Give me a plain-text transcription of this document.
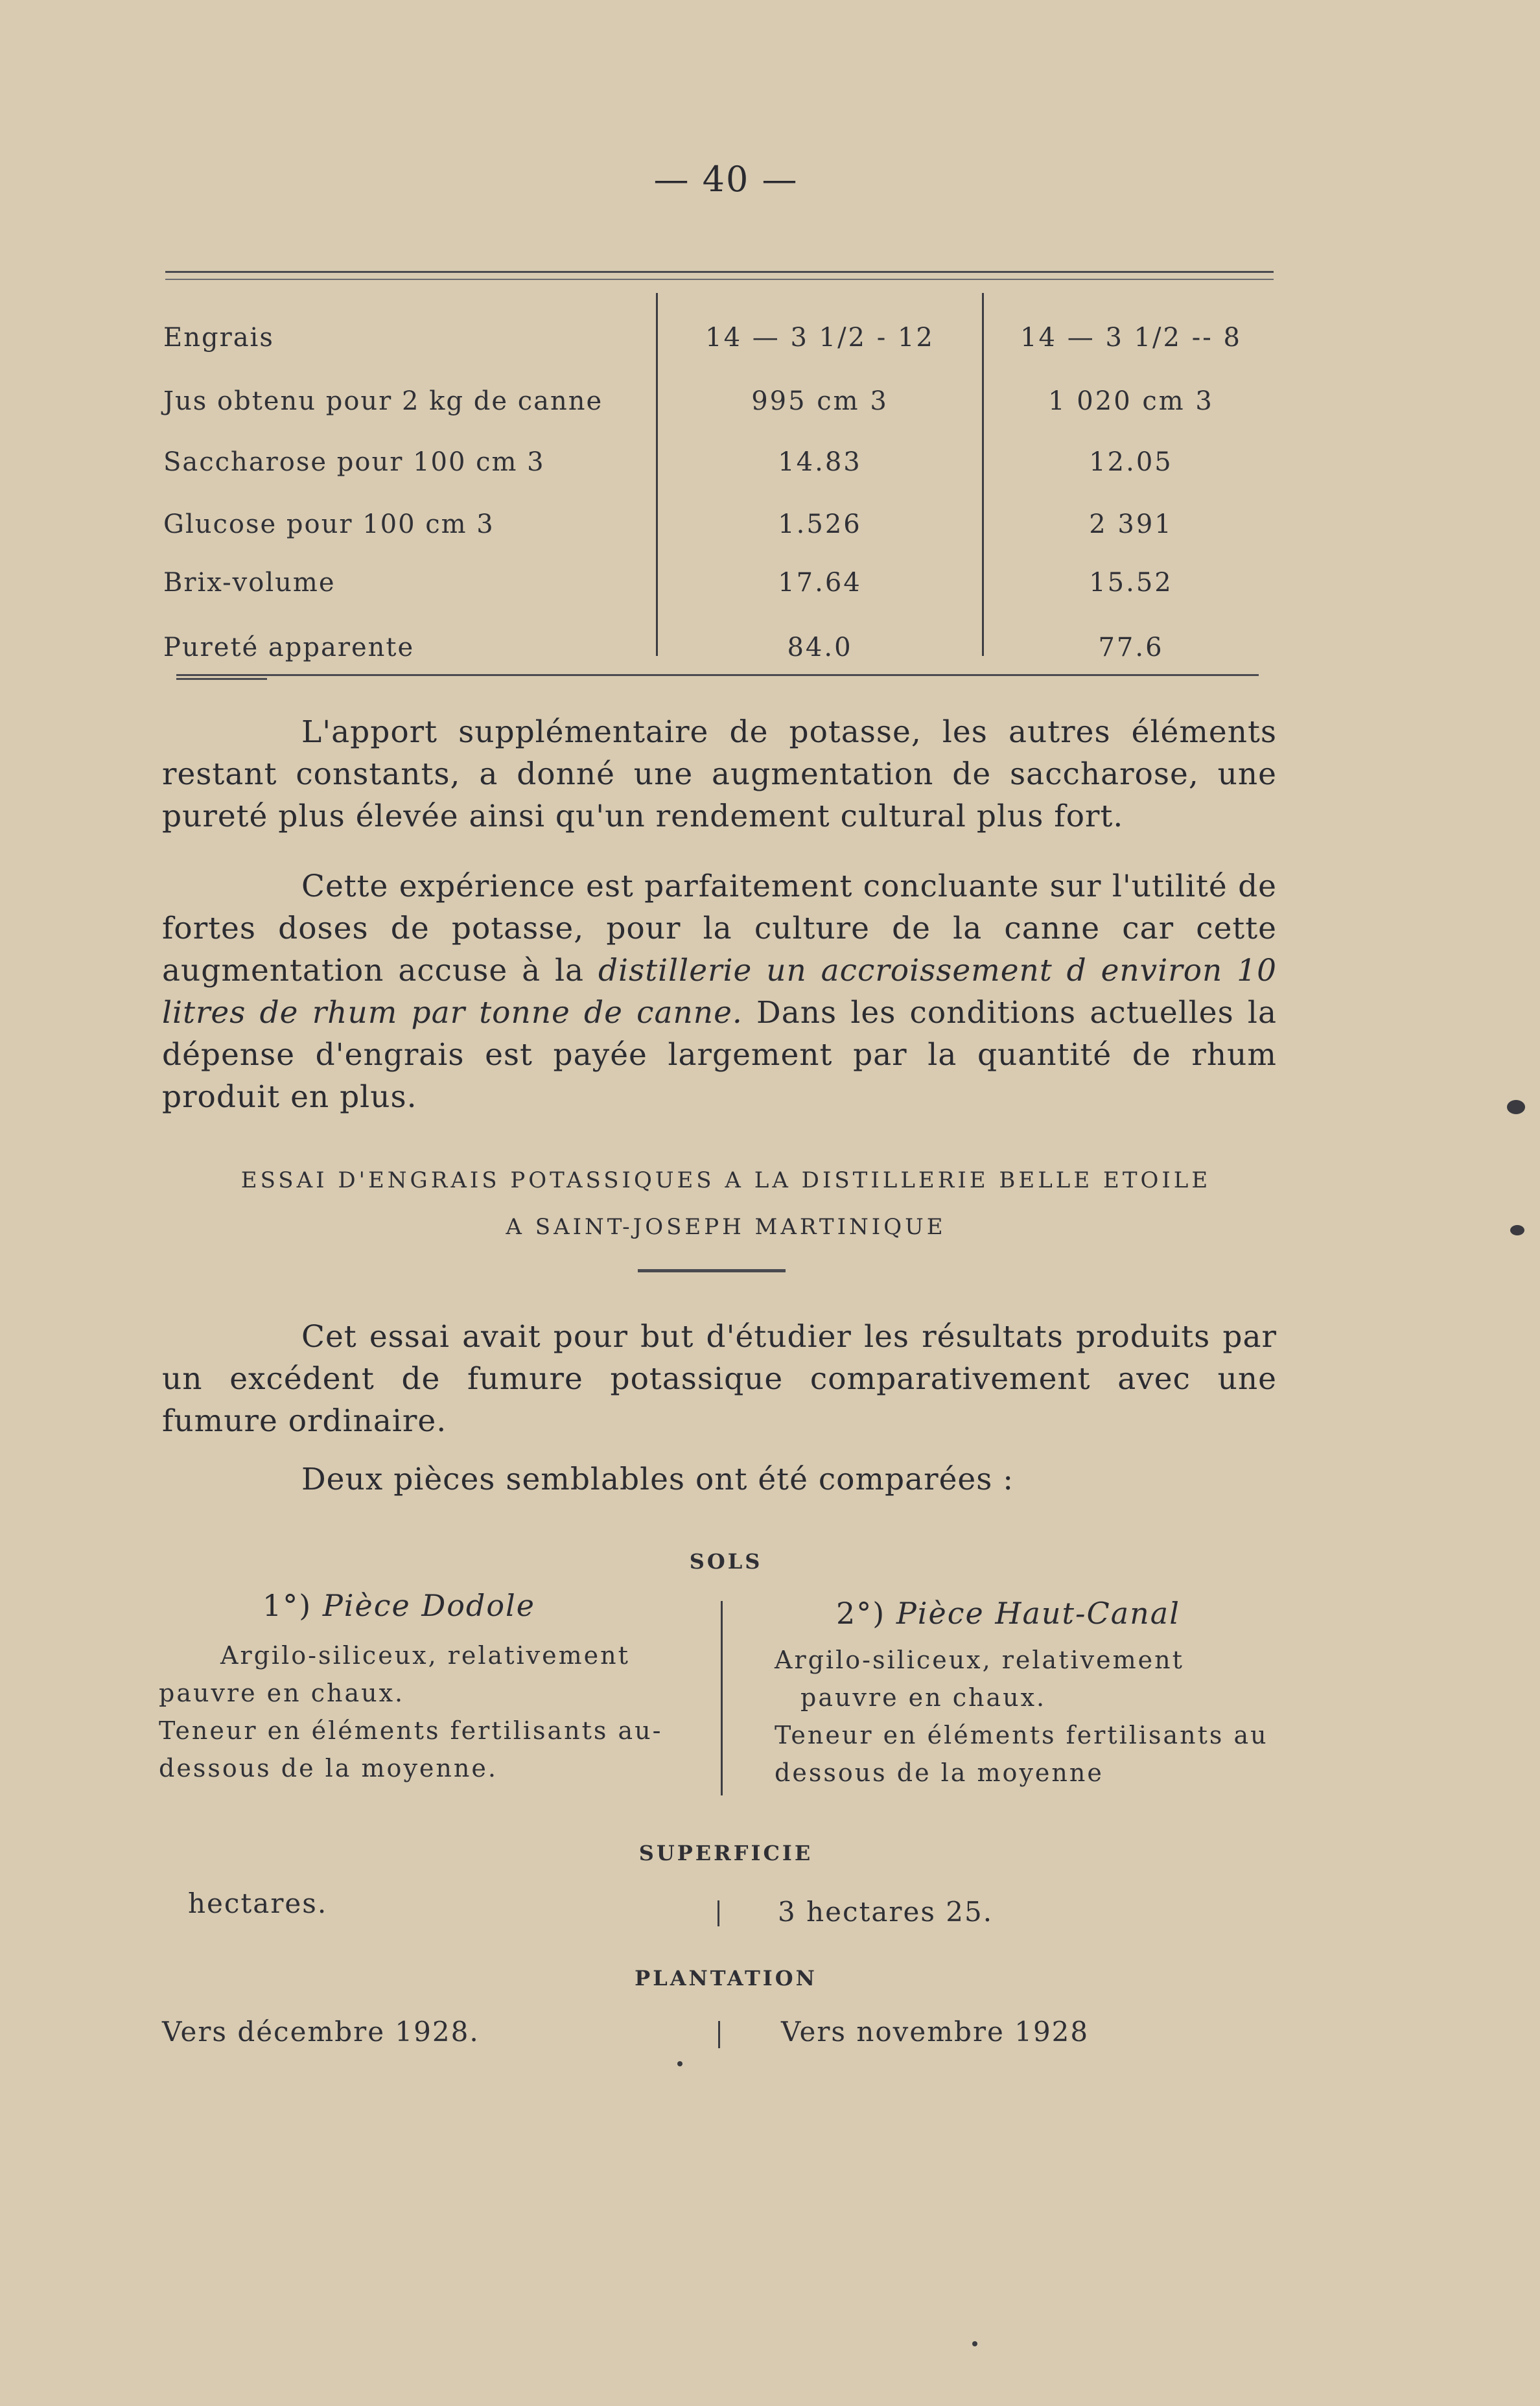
— 40 —
Engrais	14 — 3 1/2 - 12	14 — 3 1/2 -- 8
Jus obtenu pour 2 kg de canne	995 cm 3	1 020 cm 3
Saccharose pour 100 cm 3	14.83	12.05
Glucose pour 100 cm 3	1.526	2 391
Brix-volume	17.64	15.52
Pureté apparente	84.0	77.6
L'apport supplémentaire de potasse, les autres éléments restant constants, a donné une augmentation de saccharose, une pureté plus élevée ainsi qu'un rendement cultural plus fort.
Cette expérience est parfaitement concluante sur l'utilité de fortes doses de potasse, pour la culture de la canne car cette augmentation accuse à la distillerie un accroissement d environ 10 litres de rhum par tonne de canne. Dans les conditions actuelles la dépense d'engrais est payée largement par la quantité de rhum produit en plus.
ESSAI D'ENGRAIS POTASSIQUES A LA DISTILLERIE BELLE ETOILE
A SAINT-JOSEPH MARTINIQUE
Cet essai avait pour but d'étudier les résultats produits par un excédent de fumure potassique comparativement avec une fumure ordinaire.
Deux pièces semblables ont été comparées :
SOLS
1°) Pièce Dodole
Argilo-siliceux, relativement pauvre en chaux.
Teneur en éléments fertilisants au-dessous de la moyenne.
2°) Pièce Haut-Canal
Argilo-siliceux, relativement pauvre en chaux.
Teneur en éléments fertilisants au dessous de la moyenne
SUPERFICIE
hectares.	3 hectares 25.
PLANTATION
Vers décembre 1928.	Vers novembre 1928
